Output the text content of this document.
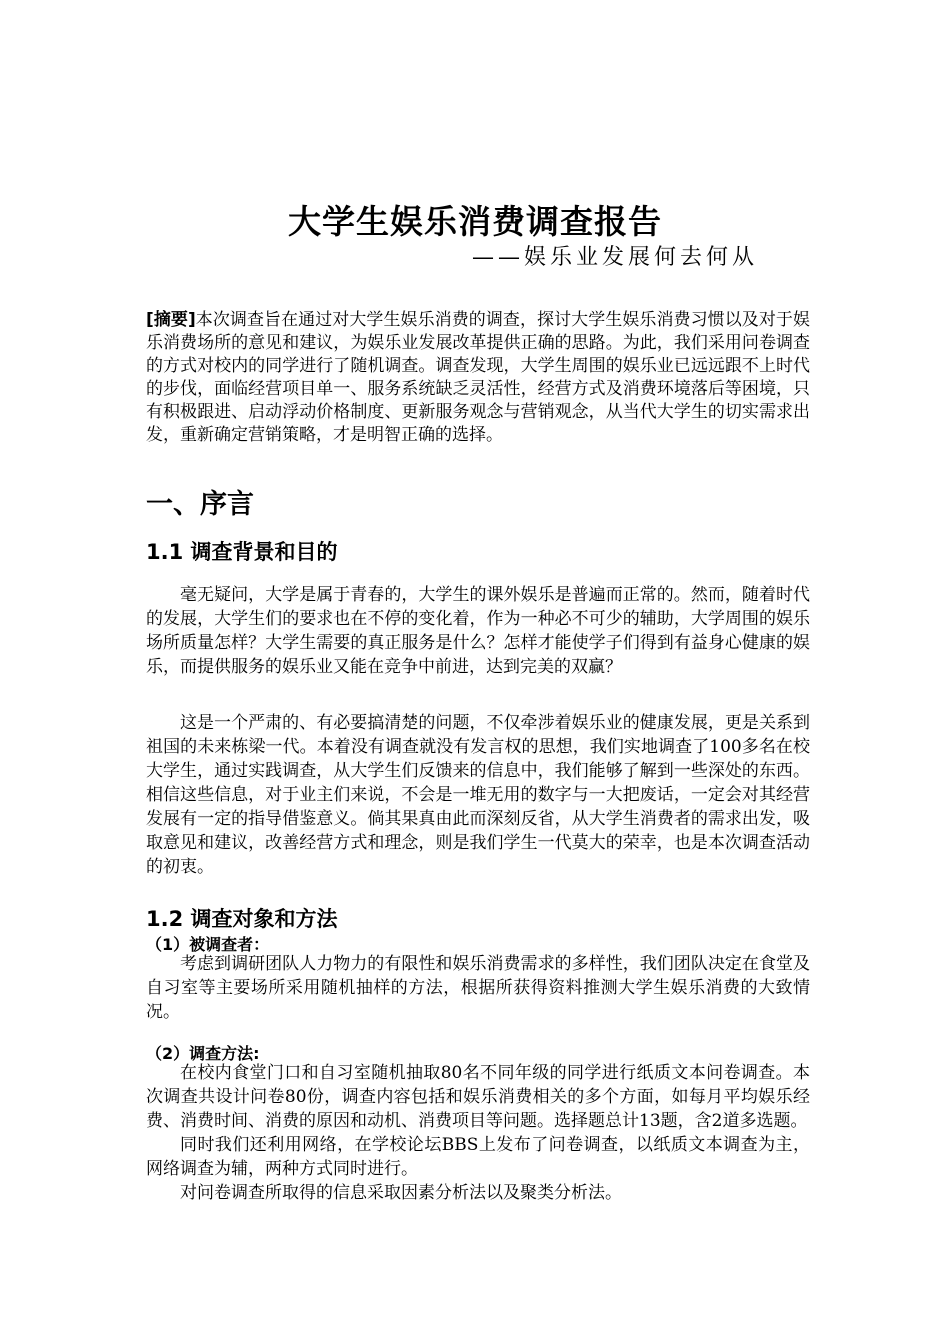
大学生娱乐消费调查报告
——娱乐业发展何去何从
[摘要]本次调查旨在通过对大学生娱乐消费的调查，探讨大学生娱乐消费习惯以及对于娱乐消费场所的意见和建议，为娱乐业发展改革提供正确的思路。为此，我们采用问卷调查的方式对校内的同学进行了随机调查。调查发现，大学生周围的娱乐业已远远跟不上时代的步伐，面临经营项目单一、服务系统缺乏灵活性，经营方式及消费环境落后等困境，只有积极跟进、启动浮动价格制度、更新服务观念与营销观念，从当代大学生的切实需求出发，重新确定营销策略，才是明智正确的选择。
一、序言
1.1 调查背景和目的

毫无疑问，大学是属于青春的，大学生的课外娱乐是普遍而正常的。然而，随着时代的发展，大学生们的要求也在不停的变化着，作为一种必不可少的辅助，大学周围的娱乐场所质量怎样？大学生需要的真正服务是什么？怎样才能使学子们得到有益身心健康的娱乐，而提供服务的娱乐业又能在竞争中前进，达到完美的双赢？

这是一个严肃的、有必要搞清楚的问题，不仅牵涉着娱乐业的健康发展，更是关系到祖国的未来栋梁一代。本着没有调查就没有发言权的思想，我们实地调查了100多名在校大学生，通过实践调查，从大学生们反馈来的信息中，我们能够了解到一些深处的东西。相信这些信息，对于业主们来说，不会是一堆无用的数字与一大把废话，一定会对其经营发展有一定的指导借鉴意义。倘其果真由此而深刻反省，从大学生消费者的需求出发，吸取意见和建议，改善经营方式和理念，则是我们学生一代莫大的荣幸，也是本次调查活动的初衷。

1.2 调查对象和方法
（1）被调查者：

考虑到调研团队人力物力的有限性和娱乐消费需求的多样性，我们团队决定在食堂及自习室等主要场所采用随机抽样的方法，根据所获得资料推测大学生娱乐消费的大致情况。

（2）调查方法:

在校内食堂门口和自习室随机抽取80名不同年级的同学进行纸质文本问卷调查。本次调查共设计问卷80份，调查内容包括和娱乐消费相关的多个方面，如每月平均娱乐经费、消费时间、消费的原因和动机、消费项目等问题。选择题总计13题，含2道多选题。

同时我们还利用网络，在学校论坛BBS上发布了问卷调查，以纸质文本调查为主，网络调查为辅，两种方式同时进行。

对问卷调查所取得的信息采取因素分析法以及聚类分析法。
